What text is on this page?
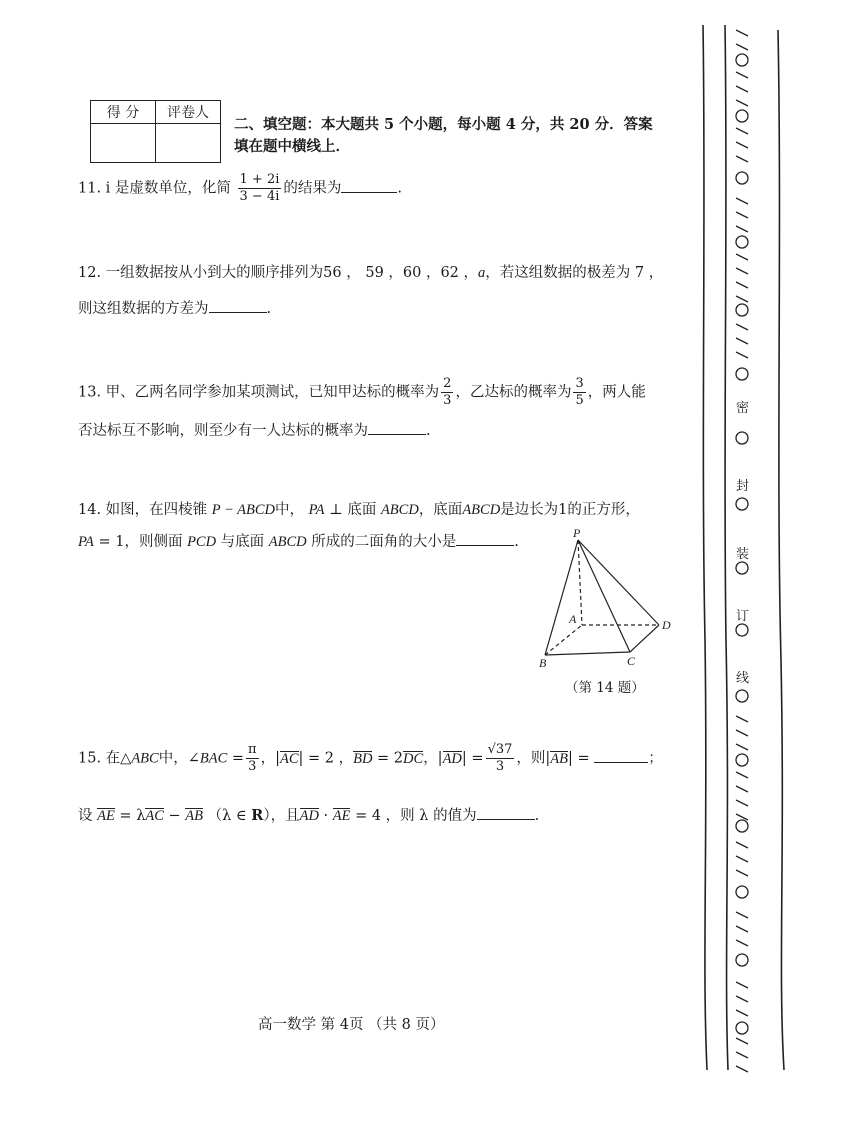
得 分	评卷人

二、填空题：本大题共 5 个小题，每小题 4 分，共 20 分．答案
填在题中横线上．
11. i 是虚数单位，化简 $\frac{1 + 2i}{3 - 4i}$ 的结果为	.
12. 一组数据按从小到大的顺序排列为56 ， 59 ，60 ，62 ，a，若这组数据的极差为 7 ，
则这组数据的方差为	.
13. 甲、乙两名同学参加某项测试，已知甲达标的概率为 $\frac{2}{3}$ ，乙达标的概率为 $\frac{3}{5}$ ，两人能
否达标互不影响，则至少有一人达标的概率为	.
14. 如图，在四棱锥 P − ABCD中， PA ⊥ 底面 ABCD，底面ABCD是边长为1的正方形，
PA = 1，则侧面 PCD 与底面 ABCD 所成的二面角的大小是	.
P
A
B	C
D
（第 14 题）
15. 在△ABC中，∠BAC = $\frac{\pi}{3}$ ，|AC| = 2 ，BD = 2DC，$|AD| = \frac{√37}{3}$ ，则|AB| =	；
设 AE = λAC − AB （λ ∈ R），且AD · AE = 4 ，则 λ 的值为	.
高一数学 第 4页 （共 8 页）
密
封
装
订
线
